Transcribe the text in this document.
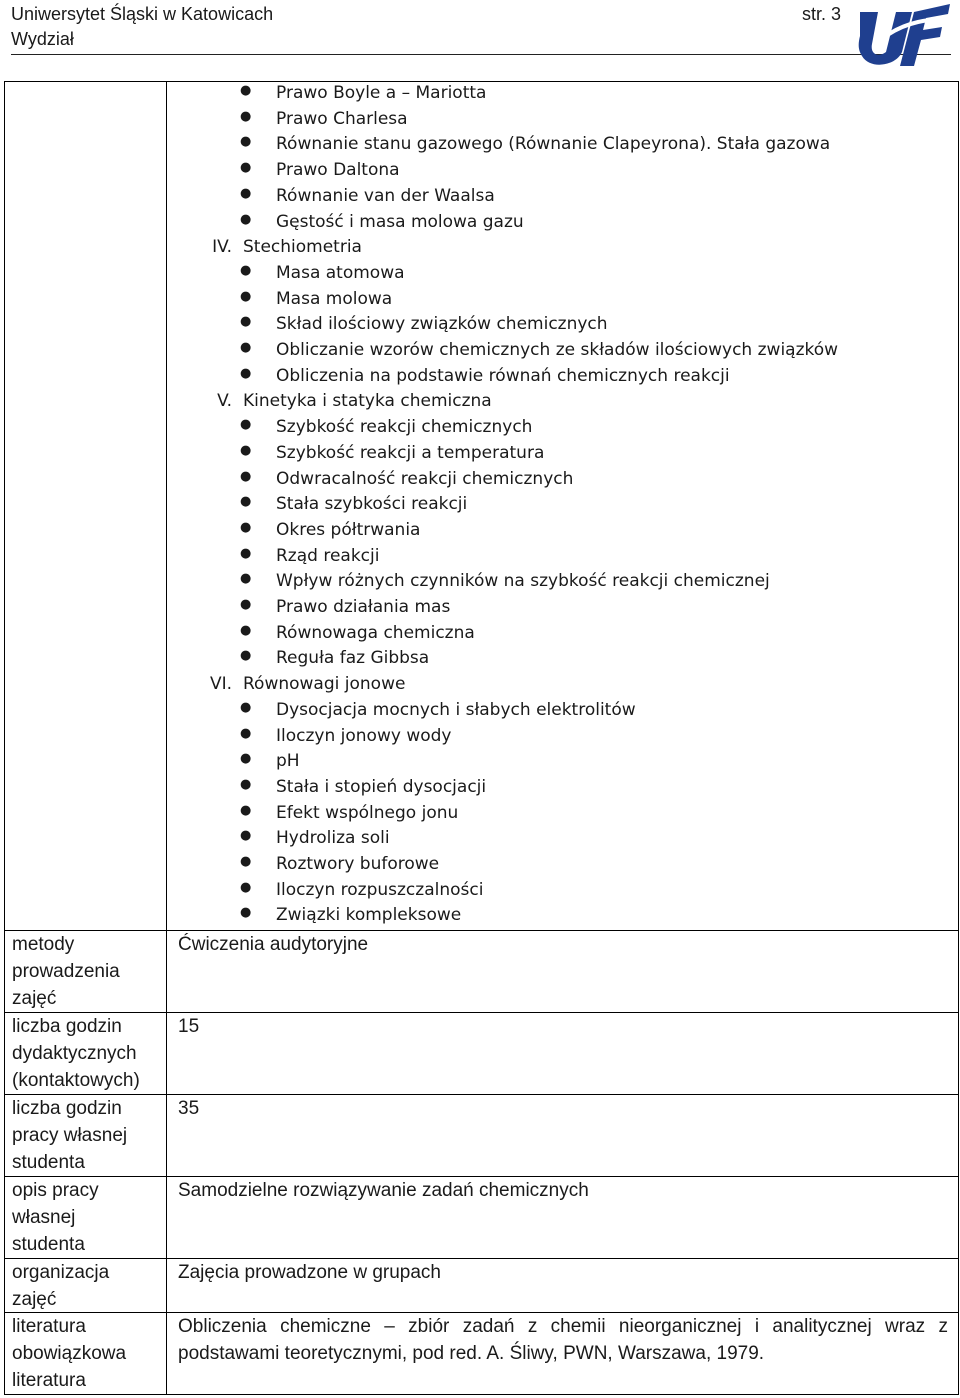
Uniwersytet Śląski w Katowicach
Wydział
str. 3
● Prawo Boyle a – Mariotta
● Prawo Charlesa
● Równanie stanu gazowego (Równanie Clapeyrona). Stała gazowa
● Prawo Daltona
● Równanie van der Waalsa
● Gęstość i masa molowa gazu
IV. Stechiometria
● Masa atomowa
● Masa molowa
● Skład ilościowy związków chemicznych
● Obliczanie wzorów chemicznych ze składów ilościowych związków
● Obliczenia na podstawie równań chemicznych reakcji
V. Kinetyka i statyka chemiczna
● Szybkość reakcji chemicznych
● Szybkość reakcji a temperatura
● Odwracalność reakcji chemicznych
● Stała szybkości reakcji
● Okres półtrwania
● Rząd reakcji
● Wpływ różnych czynników na szybkość reakcji chemicznej
● Prawo działania mas
● Równowaga chemiczna
● Reguła faz Gibbsa
VI. Równowagi jonowe
● Dysocjacja mocnych i słabych elektrolitów
● Iloczyn jonowy wody
● pH
● Stała i stopień dysocjacji
● Efekt wspólnego jonu
● Hydroliza soli
● Roztwory buforowe
● Iloczyn rozpuszczalności
● Związki kompleksowe
metody
prowadzenia
zajęć
Ćwiczenia audytoryjne
liczba godzin
dydaktycznych
(kontaktowych)
15
liczba godzin
pracy własnej
studenta
35
opis pracy
własnej
studenta
Samodzielne rozwiązywanie zadań chemicznych
organizacja
zajęć
Zajęcia prowadzone w grupach
literatura
obowiązkowa
Obliczenia chemiczne – zbiór zadań z chemii nieorganicznej i analitycznej wraz z podstawami teoretycznymi, pod red. A. Śliwy, PWN, Warszawa, 1979.
literatura
